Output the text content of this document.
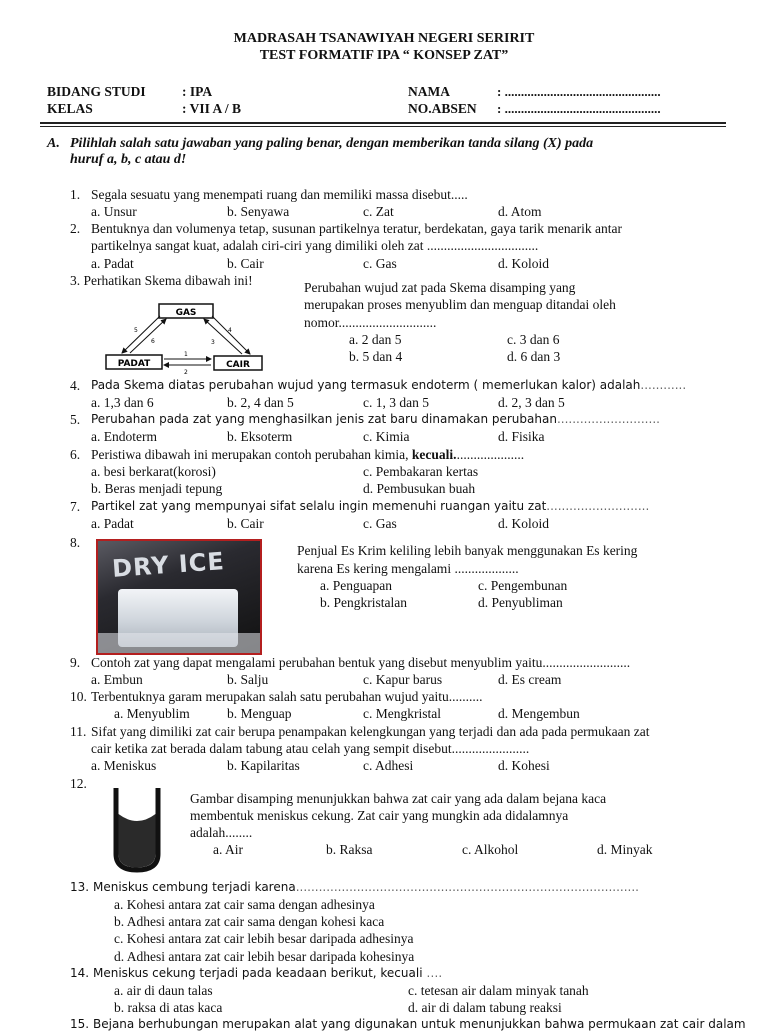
MADRASAH TSANAWIYAH NEGERI SERIRIT
TEST FORMATIF IPA “ KONSEP ZAT”
BIDANG STUDI	: IPA	NAMA	: ................................................
KELAS	: VII A / B	NO.ABSEN : ................................................
A. Pilihlah salah satu jawaban yang paling benar, dengan memberikan tanda silang (X) pada
huruf a, b, c atau d!
1. Segala sesuatu yang menempati ruang dan memiliki massa disebut.....
a. Unsur	b. Senyawa	c. Zat	d. Atom
2. Bentuknya dan volumenya tetap, susunan partikelnya teratur, berdekatan, gaya tarik menarik antar
partikelnya sangat kuat, adalah ciri-ciri yang dimiliki oleh zat .................................
a. Padat	b. Cair	c. Gas	d. Koloid
3. Perhatikan Skema dibawah ini!
GAS
PADAT	CAIR
1
2
3
4
5
6
Perubahan wujud zat pada Skema disamping yang
merupakan proses menyublim dan menguap ditandai oleh
nomor.............................
a. 2 dan 5	c. 3 dan 6
b. 5 dan 4	d. 6 dan 3
4. Pada Skema diatas perubahan wujud yang termasuk endoterm ( memerlukan kalor) adalah............
a. 1,3 dan 6	b. 2, 4 dan 5	c. 1, 3 dan 5	d. 2, 3 dan 5
5. Perubahan pada zat yang menghasilkan jenis zat baru dinamakan perubahan...........................
a. Endoterm	b. Eksoterm	c. Kimia	d. Fisika
6. Peristiwa dibawah ini merupakan contoh perubahan kimia, kecuali.....................
a. besi berkarat(korosi)	c. Pembakaran kertas
b. Beras menjadi tepung	d. Pembusukan buah
7. Partikel zat yang mempunyai sifat selalu ingin memenuhi ruangan yaitu zat...........................
a. Padat	b. Cair	c. Gas	d. Koloid
8.
DRY ICE	Penjual Es Krim keliling lebih banyak menggunakan Es kering
karena Es kering mengalami ...................
a. Penguapan	c. Pengembunan
b. Pengkristalan	d. Penyubliman
9. Contoh zat yang dapat mengalami perubahan bentuk yang disebut menyublim yaitu..........................
a. Embun	b. Salju	c. Kapur barus	d. Es cream
10. Terbentuknya garam merupakan salah satu perubahan wujud yaitu..........
a. Menyublim	b. Menguap	c. Mengkristal	d. Mengembun
11. Sifat yang dimiliki zat cair berupa penampakan kelengkungan yang terjadi dan ada pada permukaan zat
cair ketika zat berada dalam tabung atau celah yang sempit disebut.......................
a. Meniskus	b. Kapilaritas	c. Adhesi	d. Kohesi
12.
Gambar disamping menunjukkan bahwa zat cair yang ada dalam bejana kaca
membentuk meniskus cekung. Zat cair yang mungkin ada didalamnya
adalah........
a. Air	b. Raksa	c. Alkohol	d. Minyak
13. Meniskus cembung terjadi karena..........................................................................................
a. Kohesi antara zat cair sama dengan adhesinya
b. Adhesi antara zat cair sama dengan kohesi kaca
c. Kohesi antara zat cair lebih besar daripada adhesinya
d. Adhesi antara zat cair lebih besar daripada kohesinya
14. Meniskus cekung terjadi pada keadaan berikut, kecuali ….
a. air di daun talas	c. tetesan air dalam minyak tanah
b. raksa di atas kaca	d. air di dalam tabung reaksi
15. Bejana berhubungan merupakan alat yang digunakan untuk menunjukkan bahwa permukaan zat cair dalam
